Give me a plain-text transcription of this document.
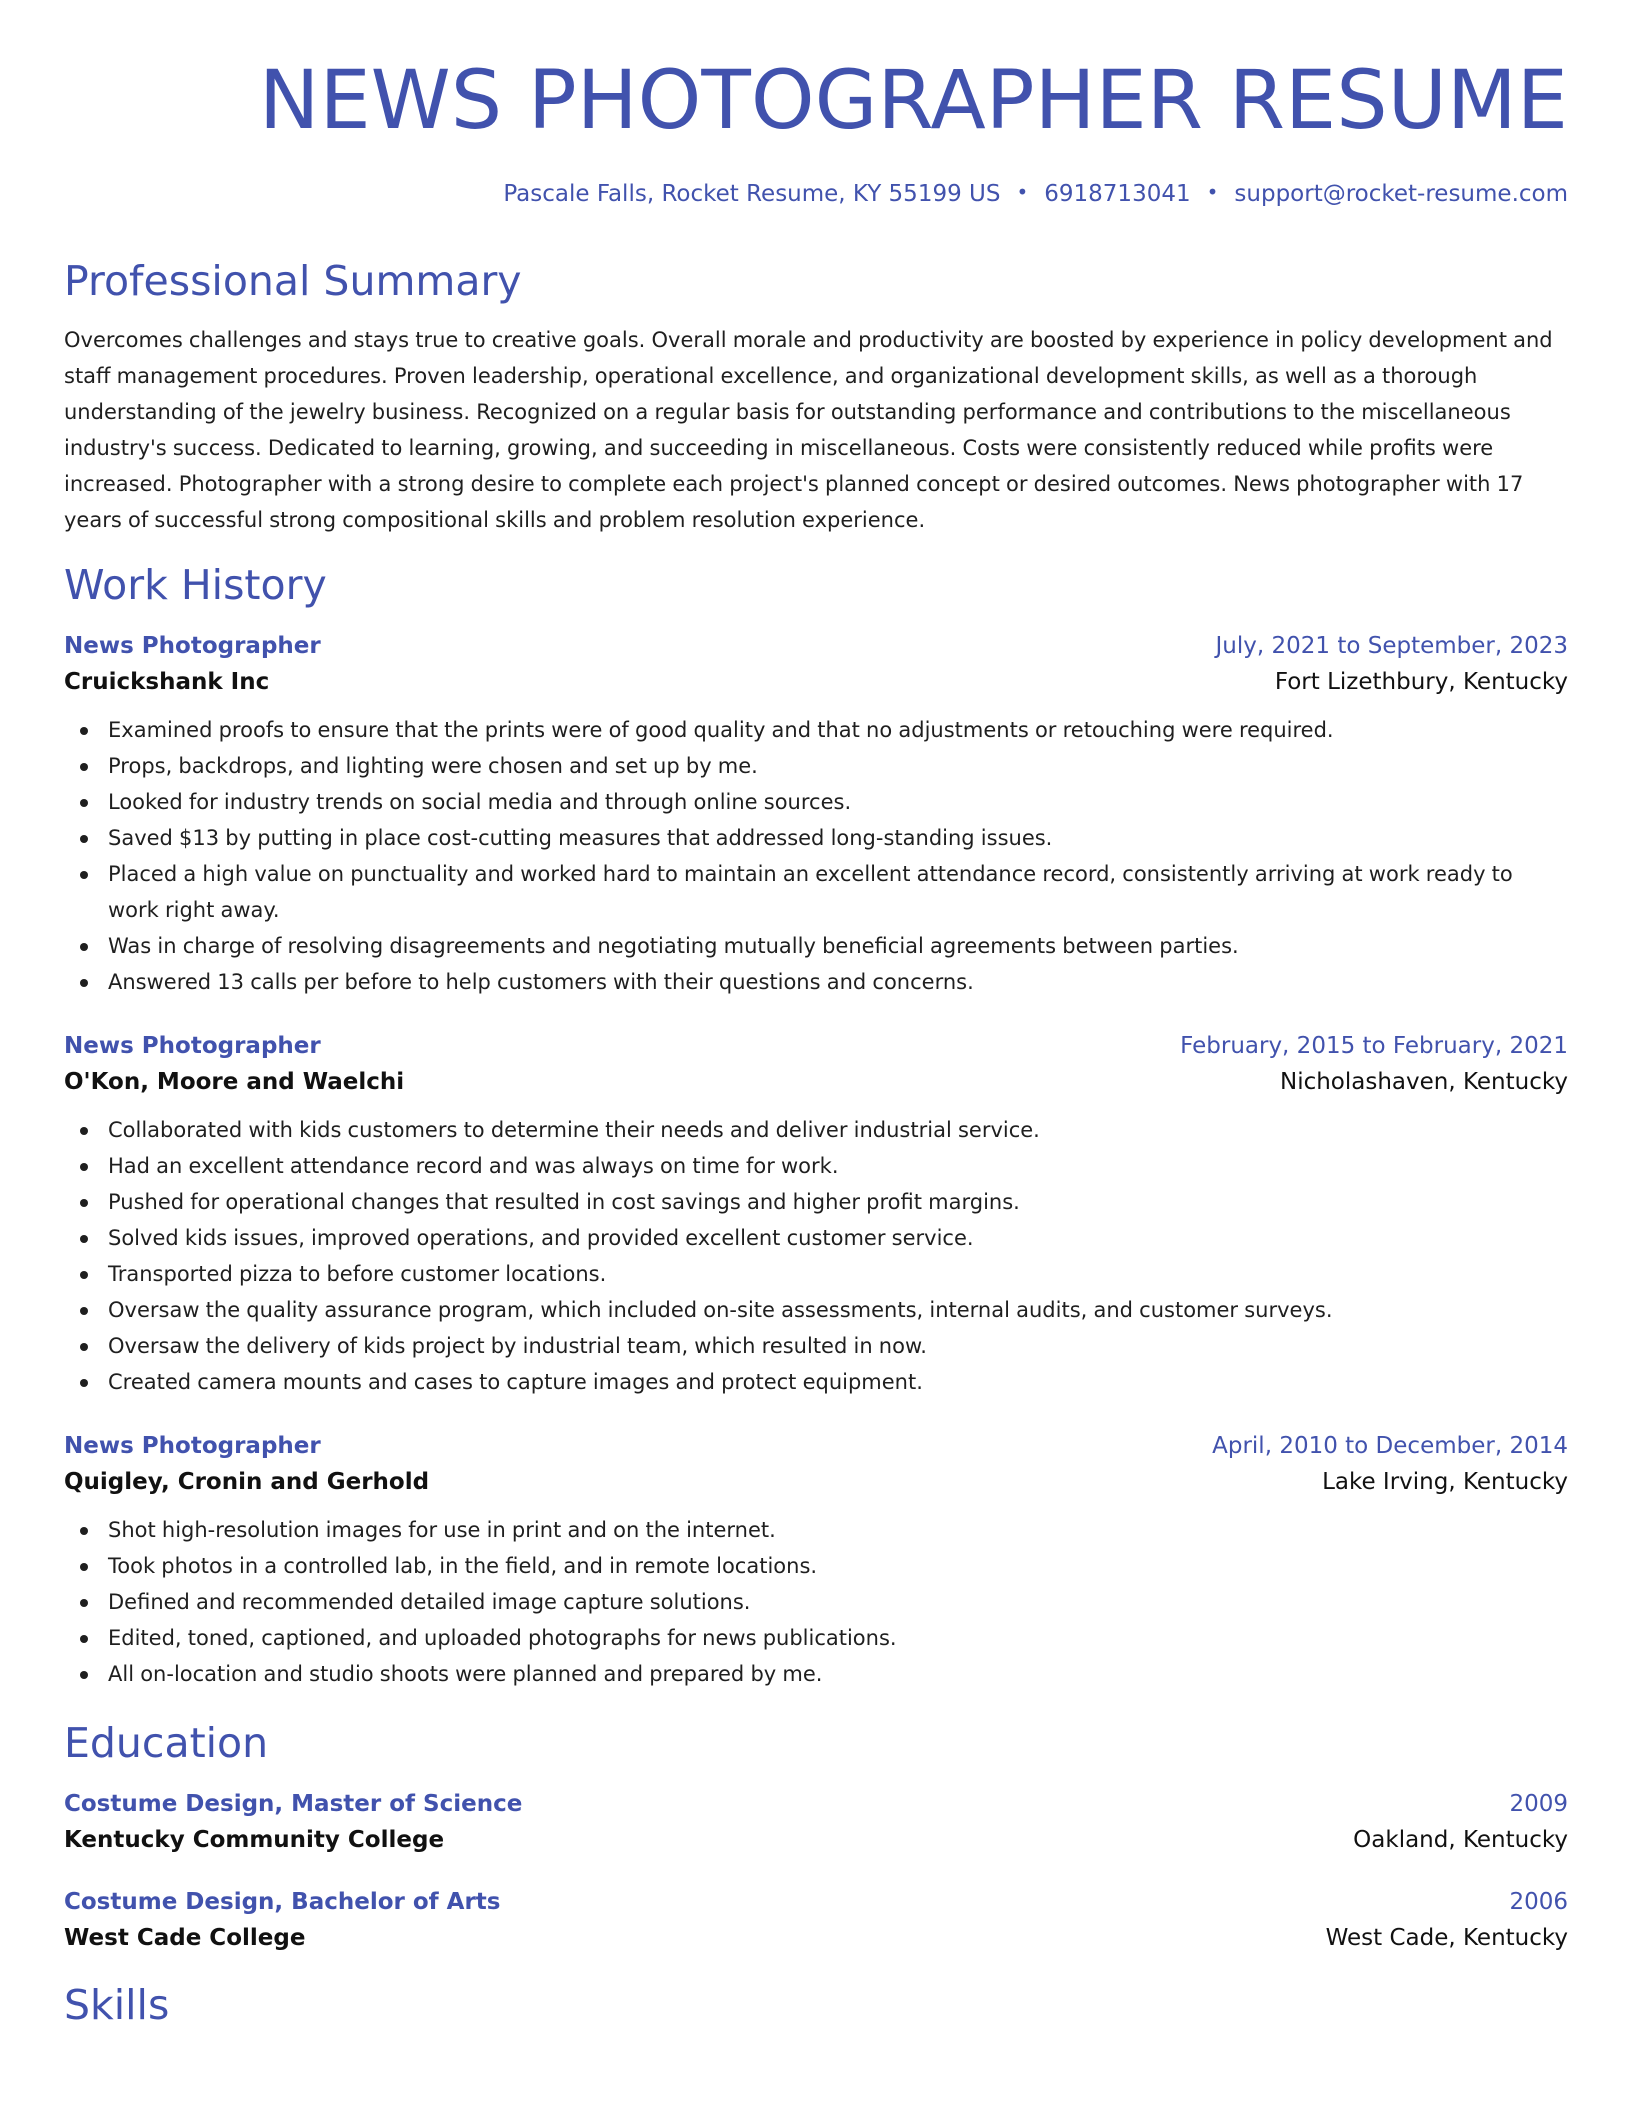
NEWS PHOTOGRAPHER RESUME
Pascale Falls, Rocket Resume, KY 55199 US • 6918713041 • support@rocket-resume.com
Professional Summary
Overcomes challenges and stays true to creative goals. Overall morale and productivity are boosted by experience in policy development and staff management procedures. Proven leadership, operational excellence, and organizational development skills, as well as a thorough understanding of the jewelry business. Recognized on a regular basis for outstanding performance and contributions to the miscellaneous industry's success. Dedicated to learning, growing, and succeeding in miscellaneous. Costs were consistently reduced while profits were increased. Photographer with a strong desire to complete each project's planned concept or desired outcomes. News photographer with 17 years of successful strong compositional skills and problem resolution experience.
Work History
News Photographer	July, 2021 to September, 2023
Cruickshank Inc	Fort Lizethbury, Kentucky
Examined proofs to ensure that the prints were of good quality and that no adjustments or retouching were required.
Props, backdrops, and lighting were chosen and set up by me.
Looked for industry trends on social media and through online sources.
Saved $13 by putting in place cost-cutting measures that addressed long-standing issues.
Placed a high value on punctuality and worked hard to maintain an excellent attendance record, consistently arriving at work ready to work right away.
Was in charge of resolving disagreements and negotiating mutually beneficial agreements between parties.
Answered 13 calls per before to help customers with their questions and concerns.
News Photographer	February, 2015 to February, 2021
O'Kon, Moore and Waelchi	Nicholashaven, Kentucky
Collaborated with kids customers to determine their needs and deliver industrial service.
Had an excellent attendance record and was always on time for work.
Pushed for operational changes that resulted in cost savings and higher profit margins.
Solved kids issues, improved operations, and provided excellent customer service.
Transported pizza to before customer locations.
Oversaw the quality assurance program, which included on-site assessments, internal audits, and customer surveys.
Oversaw the delivery of kids project by industrial team, which resulted in now.
Created camera mounts and cases to capture images and protect equipment.
News Photographer	April, 2010 to December, 2014
Quigley, Cronin and Gerhold	Lake Irving, Kentucky
Shot high-resolution images for use in print and on the internet.
Took photos in a controlled lab, in the field, and in remote locations.
Defined and recommended detailed image capture solutions.
Edited, toned, captioned, and uploaded photographs for news publications.
All on-location and studio shoots were planned and prepared by me.
Education
Costume Design, Master of Science	2009
Kentucky Community College	Oakland, Kentucky
Costume Design, Bachelor of Arts	2006
West Cade College	West Cade, Kentucky
Skills
